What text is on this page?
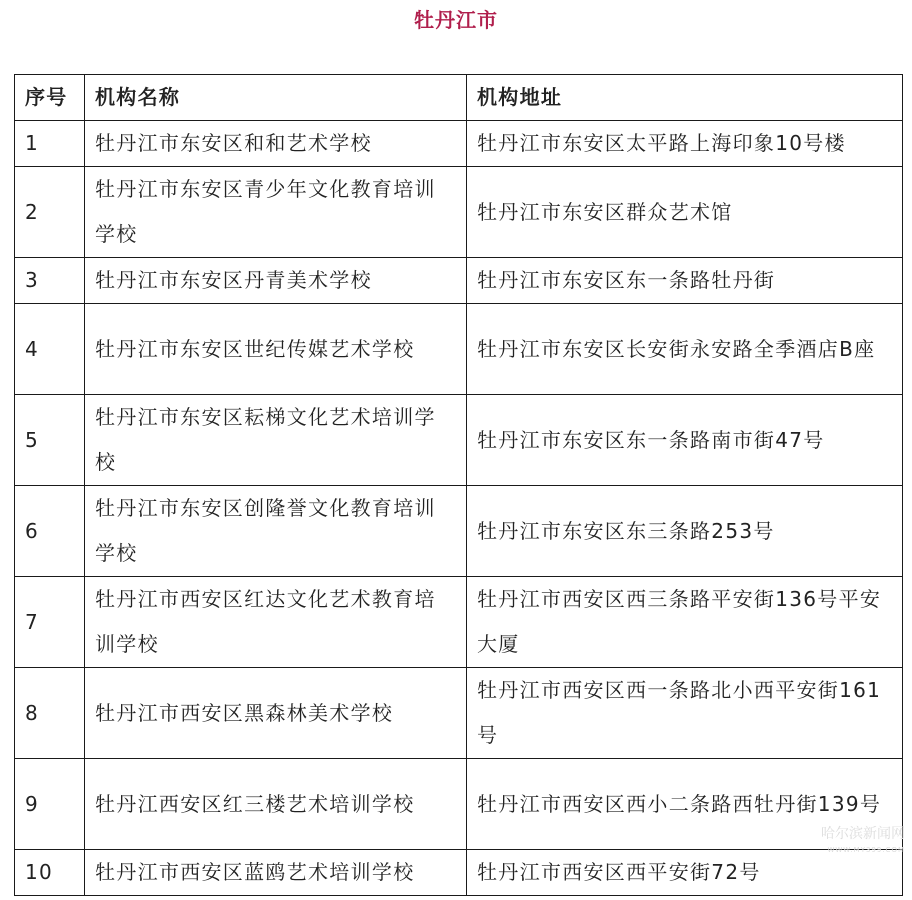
牡丹江市
序号	机构名称	机构地址
1	牡丹江市东安区和和艺术学校	牡丹江市东安区太平路上海印象10号楼
2	牡丹江市东安区青少年文化教育培训学校	牡丹江市东安区群众艺术馆
3	牡丹江市东安区丹青美术学校	牡丹江市东安区东一条路牡丹街
4	牡丹江市东安区世纪传媒艺术学校	牡丹江市东安区长安街永安路全季酒店B座
5	牡丹江市东安区耘梯文化艺术培训学校	牡丹江市东安区东一条路南市街47号
6	牡丹江市东安区创隆誉文化教育培训学校	牡丹江市东安区东三条路253号
7	牡丹江市西安区红达文化艺术教育培训学校	牡丹江市西安区西三条路平安街136号平安大厦
8	牡丹江市西安区黑森林美术学校	牡丹江市西安区西一条路北小西平安街161号
9	牡丹江西安区红三楼艺术培训学校	牡丹江市西安区西小二条路西牡丹街139号
10	牡丹江市西安区蓝鸥艺术培训学校	牡丹江市西安区西平安街72号
哈尔滨新闻网
WWW.MY399.COM
